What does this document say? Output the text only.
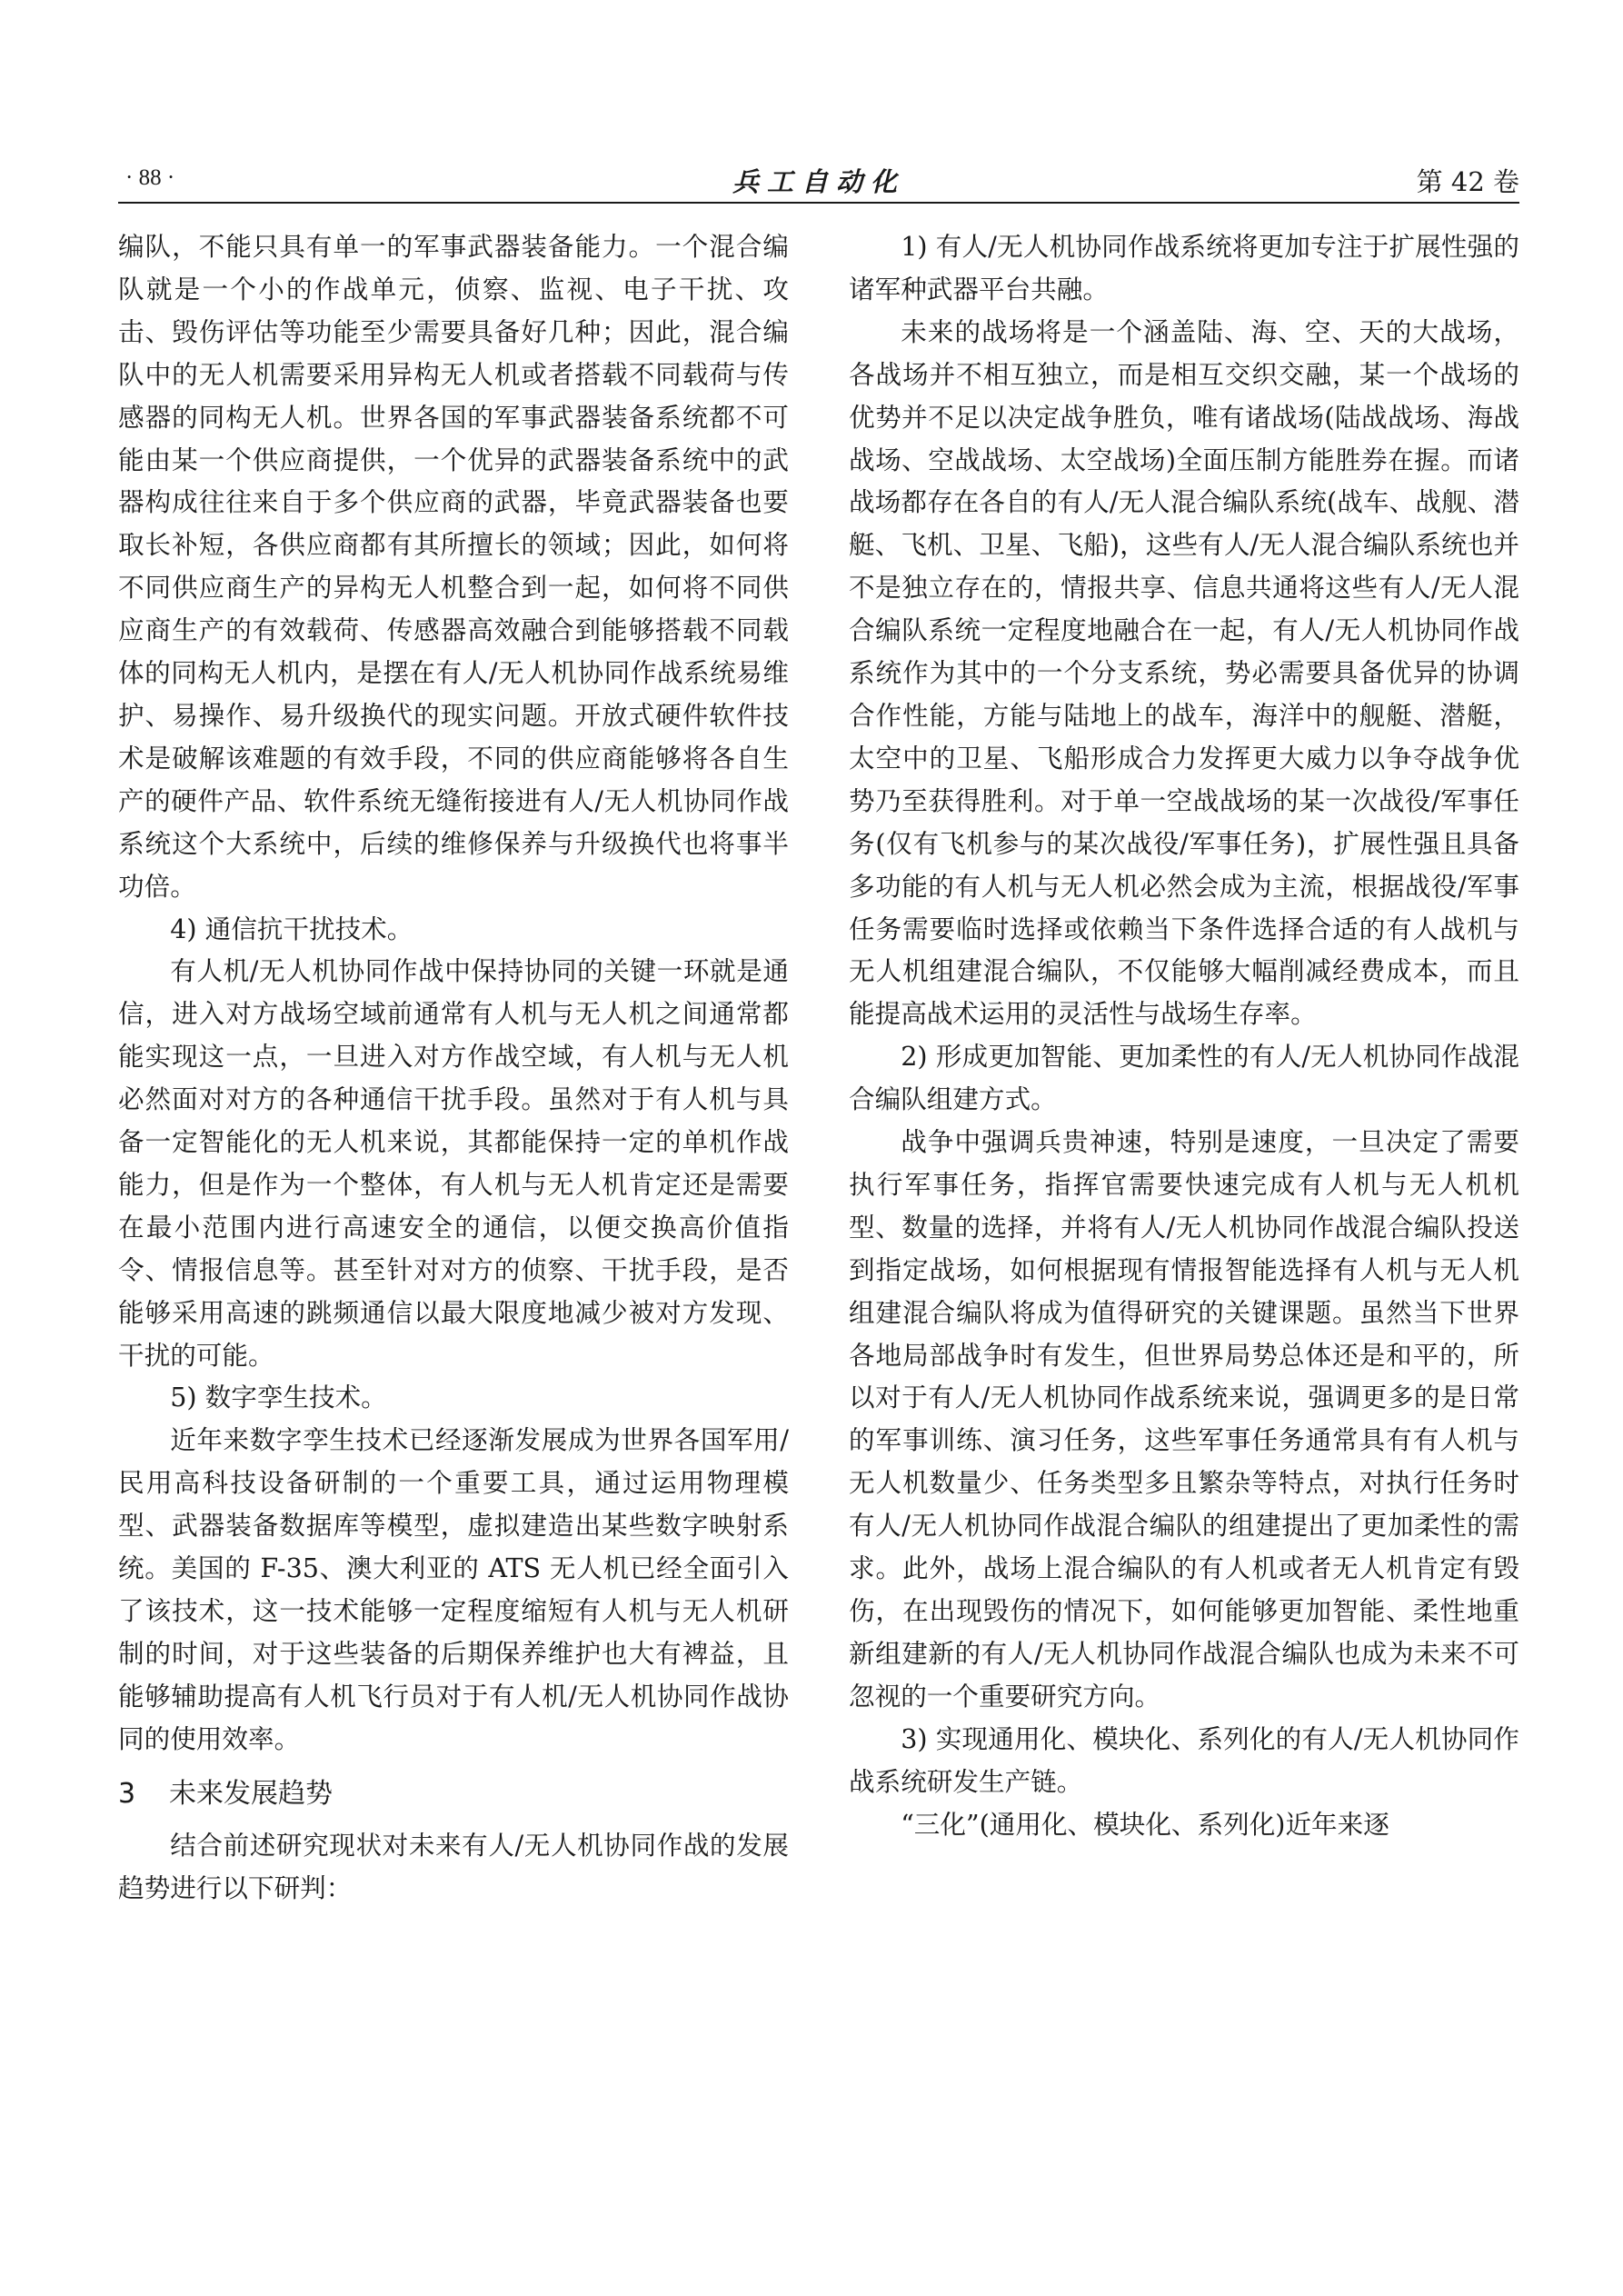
· 88 ·	兵工自动化	第 42 卷

编队，不能只具有单一的军事武器装备能力。一个混合编队就是一个小的作战单元，侦察、监视、电子干扰、攻击、毁伤评估等功能至少需要具备好几种；因此，混合编队中的无人机需要采用异构无人机或者搭载不同载荷与传感器的同构无人机。世界各国的军事武器装备系统都不可能由某一个供应商提供，一个优异的武器装备系统中的武器构成往往来自于多个供应商的武器，毕竟武器装备也要取长补短，各供应商都有其所擅长的领域；因此，如何将不同供应商生产的异构无人机整合到一起，如何将不同供应商生产的有效载荷、传感器高效融合到能够搭载不同载体的同构无人机内，是摆在有人/无人机协同作战系统易维护、易操作、易升级换代的现实问题。开放式硬件软件技术是破解该难题的有效手段，不同的供应商能够将各自生产的硬件产品、软件系统无缝衔接进有人/无人机协同作战系统这个大系统中，后续的维修保养与升级换代也将事半功倍。

4) 通信抗干扰技术。

有人机/无人机协同作战中保持协同的关键一环就是通信，进入对方战场空域前通常有人机与无人机之间通常都能实现这一点，一旦进入对方作战空域，有人机与无人机必然面对对方的各种通信干扰手段。虽然对于有人机与具备一定智能化的无人机来说，其都能保持一定的单机作战能力，但是作为一个整体，有人机与无人机肯定还是需要在最小范围内进行高速安全的通信，以便交换高价值指令、情报信息等。甚至针对对方的侦察、干扰手段，是否能够采用高速的跳频通信以最大限度地减少被对方发现、干扰的可能。

5) 数字孪生技术。

近年来数字孪生技术已经逐渐发展成为世界各国军用/民用高科技设备研制的一个重要工具，通过运用物理模型、武器装备数据库等模型，虚拟建造出某些数字映射系统。美国的 F-35、澳大利亚的 ATS 无人机已经全面引入了该技术，这一技术能够一定程度缩短有人机与无人机研制的时间，对于这些装备的后期保养维护也大有裨益，且能够辅助提高有人机飞行员对于有人机/无人机协同作战协同的使用效率。

3 未来发展趋势

结合前述研究现状对未来有人/无人机协同作战的发展趋势进行以下研判：

1) 有人/无人机协同作战系统将更加专注于扩展性强的诸军种武器平台共融。

未来的战场将是一个涵盖陆、海、空、天的大战场，各战场并不相互独立，而是相互交织交融，某一个战场的优势并不足以决定战争胜负，唯有诸战场(陆战战场、海战战场、空战战场、太空战场)全面压制方能胜券在握。而诸战场都存在各自的有人/无人混合编队系统(战车、战舰、潜艇、飞机、卫星、飞船)，这些有人/无人混合编队系统也并不是独立存在的，情报共享、信息共通将这些有人/无人混合编队系统一定程度地融合在一起，有人/无人机协同作战系统作为其中的一个分支系统，势必需要具备优异的协调合作性能，方能与陆地上的战车，海洋中的舰艇、潜艇，太空中的卫星、飞船形成合力发挥更大威力以争夺战争优势乃至获得胜利。对于单一空战战场的某一次战役/军事任务(仅有飞机参与的某次战役/军事任务)，扩展性强且具备多功能的有人机与无人机必然会成为主流，根据战役/军事任务需要临时选择或依赖当下条件选择合适的有人战机与无人机组建混合编队，不仅能够大幅削减经费成本，而且能提高战术运用的灵活性与战场生存率。

2) 形成更加智能、更加柔性的有人/无人机协同作战混合编队组建方式。

战争中强调兵贵神速，特别是速度，一旦决定了需要执行军事任务，指挥官需要快速完成有人机与无人机机型、数量的选择，并将有人/无人机协同作战混合编队投送到指定战场，如何根据现有情报智能选择有人机与无人机组建混合编队将成为值得研究的关键课题。虽然当下世界各地局部战争时有发生，但世界局势总体还是和平的，所以对于有人/无人机协同作战系统来说，强调更多的是日常的军事训练、演习任务，这些军事任务通常具有有人机与无人机数量少、任务类型多且繁杂等特点，对执行任务时有人/无人机协同作战混合编队的组建提出了更加柔性的需求。此外，战场上混合编队的有人机或者无人机肯定有毁伤，在出现毁伤的情况下，如何能够更加智能、柔性地重新组建新的有人/无人机协同作战混合编队也成为未来不可忽视的一个重要研究方向。

3) 实现通用化、模块化、系列化的有人/无人机协同作战系统研发生产链。

“三化”(通用化、模块化、系列化)近年来逐
